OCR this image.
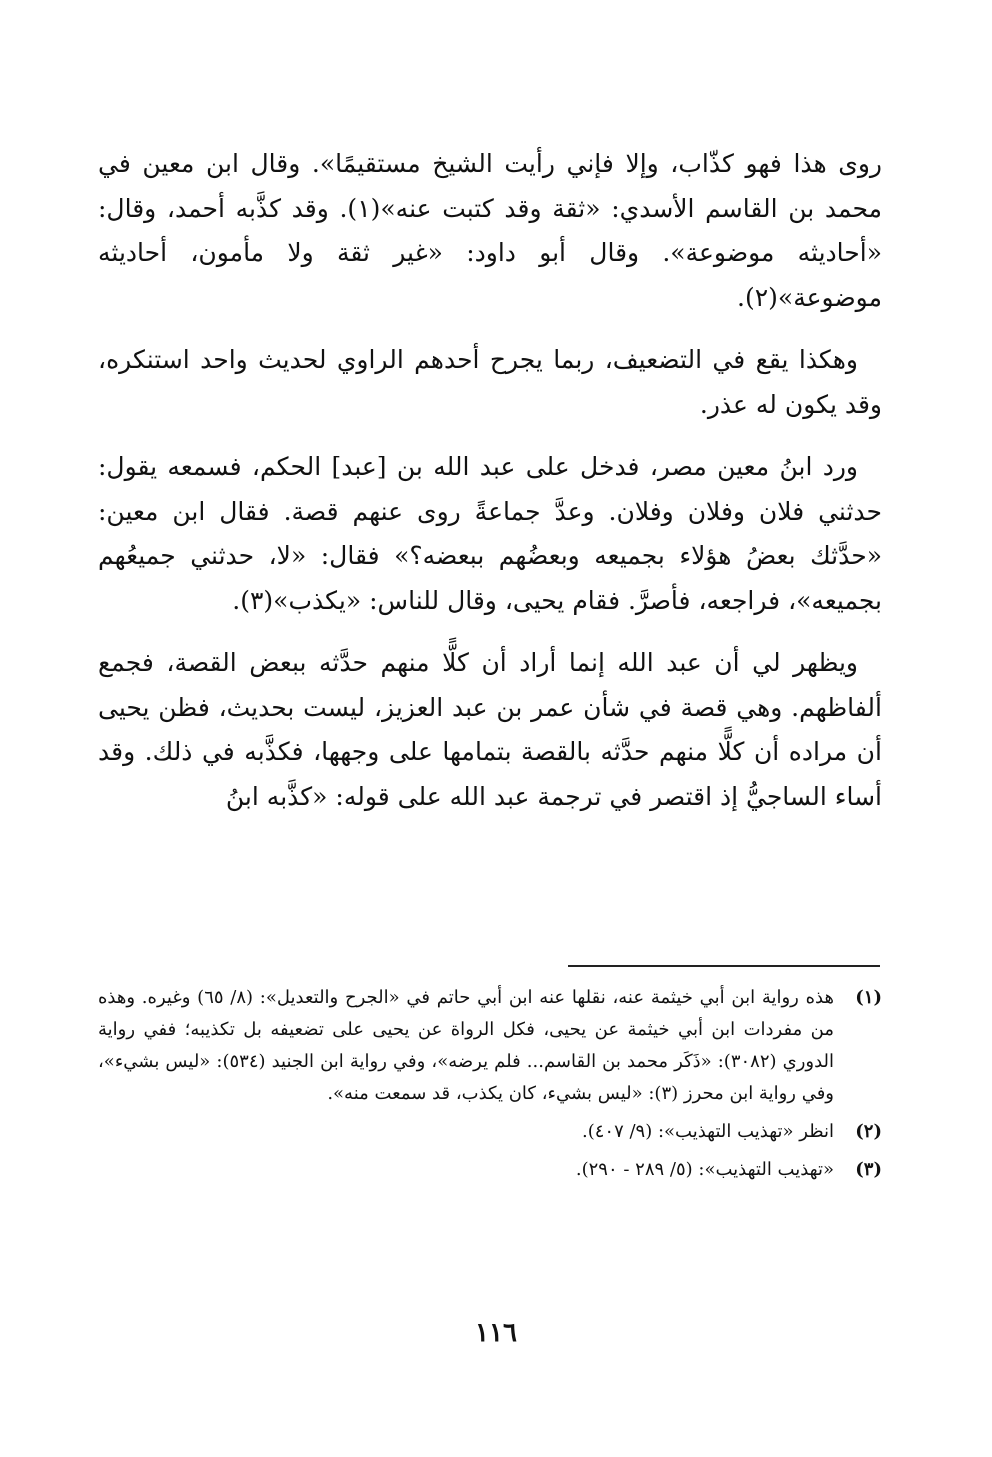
روى هذا فهو كذّاب، وإلا فإني رأيت الشيخ مستقيمًا». وقال ابن معين في محمد بن القاسم الأسدي: «ثقة وقد كتبت عنه»(١). وقد كذَّبه أحمد، وقال: «أحاديثه موضوعة». وقال أبو داود: «غير ثقة ولا مأمون، أحاديثه موضوعة»(٢).

وهكذا يقع في التضعيف، ربما يجرح أحدهم الراوي لحديث واحد استنكره، وقد يكون له عذر.

ورد ابنُ معين مصر، فدخل على عبد الله بن [عبد] الحكم، فسمعه يقول: حدثني فلان وفلان وفلان. وعدَّ جماعةً روى عنهم قصة. فقال ابن معين: «حدَّثك بعضُ هؤلاء بجميعه وبعضُهم ببعضه؟» فقال: «لا، حدثني جميعُهم بجميعه»، فراجعه، فأصرَّ. فقام يحيى، وقال للناس: «يكذب»(٣).

ويظهر لي أن عبد الله إنما أراد أن كلًّا منهم حدَّثه ببعض القصة، فجمع ألفاظهم. وهي قصة في شأن عمر بن عبد العزيز، ليست بحديث، فظن يحيى أن مراده أن كلًّا منهم حدَّثه بالقصة بتمامها على وجهها، فكذَّبه في ذلك. وقد أساء الساجيُّ إذ اقتصر في ترجمة عبد الله على قوله: «كذَّبه ابنُ

(١)
هذه رواية ابن أبي خيثمة عنه، نقلها عنه ابن أبي حاتم في «الجرح والتعديل»: (٨/ ٦٥) وغيره. وهذه من مفردات ابن أبي خيثمة عن يحيى، فكل الرواة عن يحيى على تضعيفه بل تكذيبه؛ ففي رواية الدوري (٣٠٨٢): «ذَكَر محمد بن القاسم... فلم يرضه»، وفي رواية ابن الجنيد (٥٣٤): «ليس بشيء»، وفي رواية ابن محرز (٣): «ليس بشيء، كان يكذب، قد سمعت منه».
(٢)
انظر «تهذيب التهذيب»: (٩/ ٤٠٧).
(٣)
«تهذيب التهذيب»: (٥/ ٢٨٩ - ٢٩٠).
١١٦
